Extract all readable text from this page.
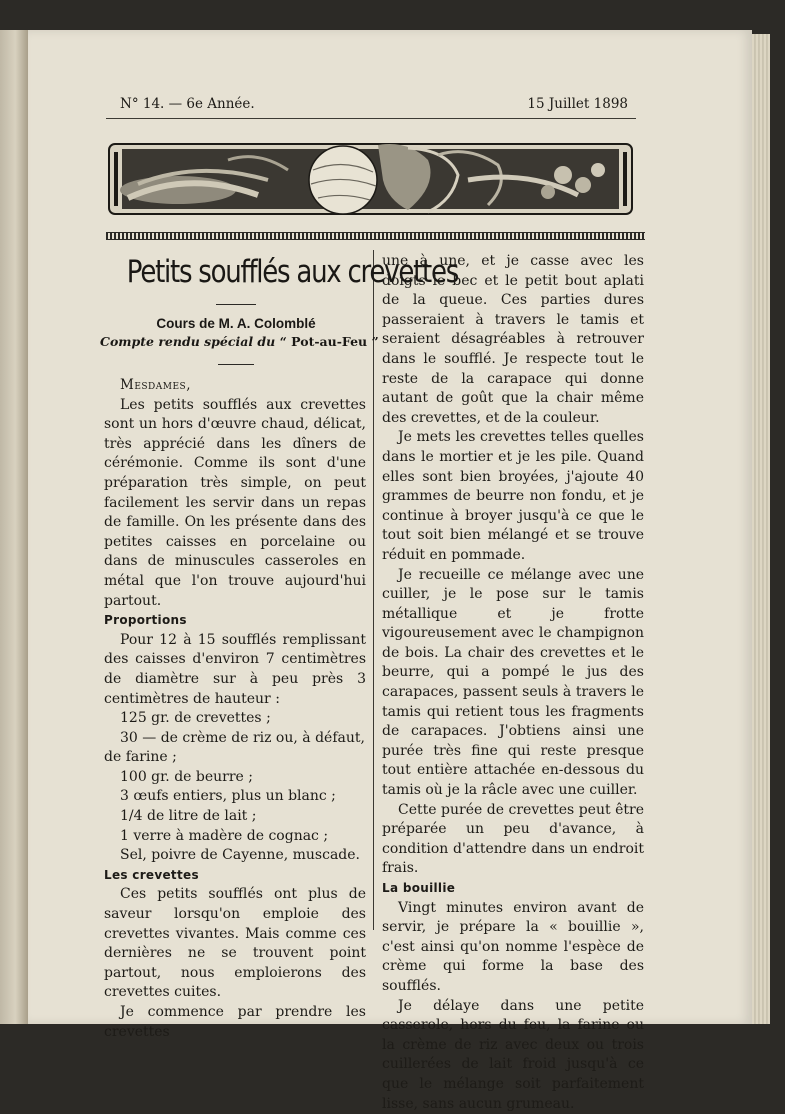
N° 14. — 6e Année.	15 Juillet 1898
Petits soufflés aux crevettes
Cours de M. A. Colomblé
Compte rendu spécial du “ Pot-au-Feu ”

Mesdames,

Les petits soufflés aux crevettes sont un hors d'œuvre chaud, délicat, très apprécié dans les dîners de cérémonie. Comme ils sont d'une préparation très simple, on peut facilement les servir dans un repas de famille. On les présente dans des petites caisses en porcelaine ou dans de minuscules casseroles en métal que l'on trouve aujourd'hui partout.

Proportions

Pour 12 à 15 soufflés remplissant des caisses d'environ 7 centimètres de diamètre sur à peu près 3 centimètres de hauteur :

125 gr. de crevettes ;

30 — de crème de riz ou, à défaut, de farine ;

100 gr. de beurre ;

3 œufs entiers, plus un blanc ;

1/4 de litre de lait ;

1 verre à madère de cognac ;

Sel, poivre de Cayenne, muscade.

Les crevettes

Ces petits soufflés ont plus de saveur lorsqu'on emploie des crevettes vivantes. Mais comme ces dernières ne se trouvent point partout, nous emploierons des crevettes cuites.

Je commence par prendre les crevettes

une à une, et je casse avec les doigts le bec et le petit bout aplati de la queue. Ces parties dures passeraient à travers le tamis et seraient désagréables à retrouver dans le soufflé. Je respecte tout le reste de la carapace qui donne autant de goût que la chair même des crevettes, et de la couleur.

Je mets les crevettes telles quelles dans le mortier et je les pile. Quand elles sont bien broyées, j'ajoute 40 grammes de beurre non fondu, et je continue à broyer jusqu'à ce que le tout soit bien mélangé et se trouve réduit en pommade.

Je recueille ce mélange avec une cuiller, je le pose sur le tamis métallique et je frotte vigoureusement avec le champignon de bois. La chair des crevettes et le beurre, qui a pompé le jus des carapaces, passent seuls à travers le tamis qui retient tous les fragments de carapaces. J'obtiens ainsi une purée très fine qui reste presque tout entière attachée en-dessous du tamis où je la râcle avec une cuiller.

Cette purée de crevettes peut être préparée un peu d'avance, à condition d'attendre dans un endroit frais.

La bouillie

Vingt minutes environ avant de servir, je prépare la « bouillie », c'est ainsi qu'on nomme l'espèce de crème qui forme la base des soufflés.

Je délaye dans une petite casserole, hors du feu, la farine ou la crème de riz avec deux ou trois cuillerées de lait froid jusqu'à ce que le mélange soit parfaitement lisse, sans aucun grumeau.
